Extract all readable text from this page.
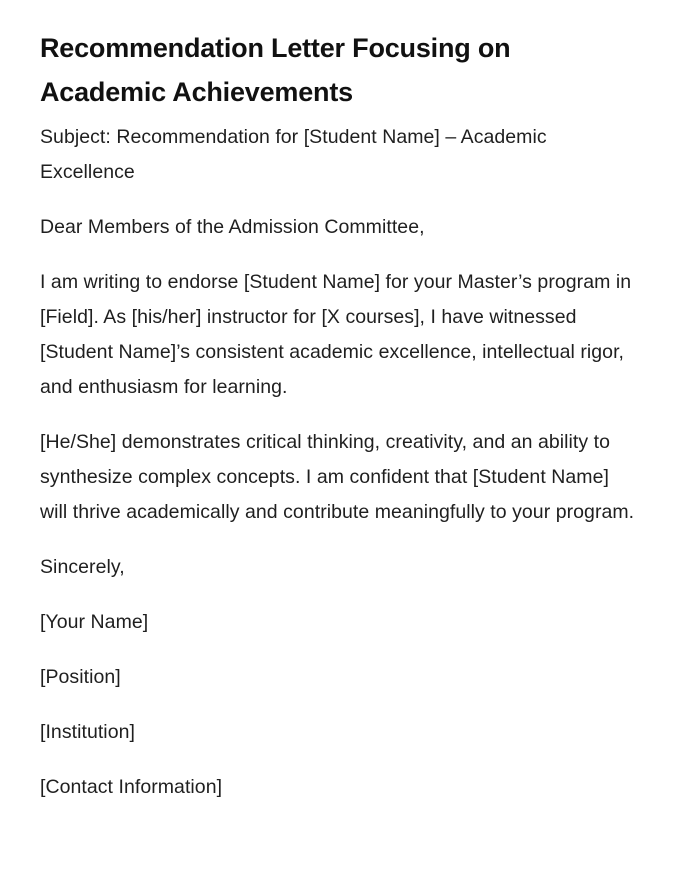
Recommendation Letter Focusing on Academic Achievements

Subject: Recommendation for [Student Name] – Academic Excellence

Dear Members of the Admission Committee,

I am writing to endorse [Student Name] for your Master’s program in [Field]. As [his/her] instructor for [X courses], I have witnessed [Student Name]’s consistent academic excellence, intellectual rigor, and enthusiasm for learning.

[He/She] demonstrates critical thinking, creativity, and an ability to synthesize complex concepts. I am confident that [Student Name] will thrive academically and contribute meaningfully to your program.

Sincerely,

[Your Name]

[Position]

[Institution]

[Contact Information]
